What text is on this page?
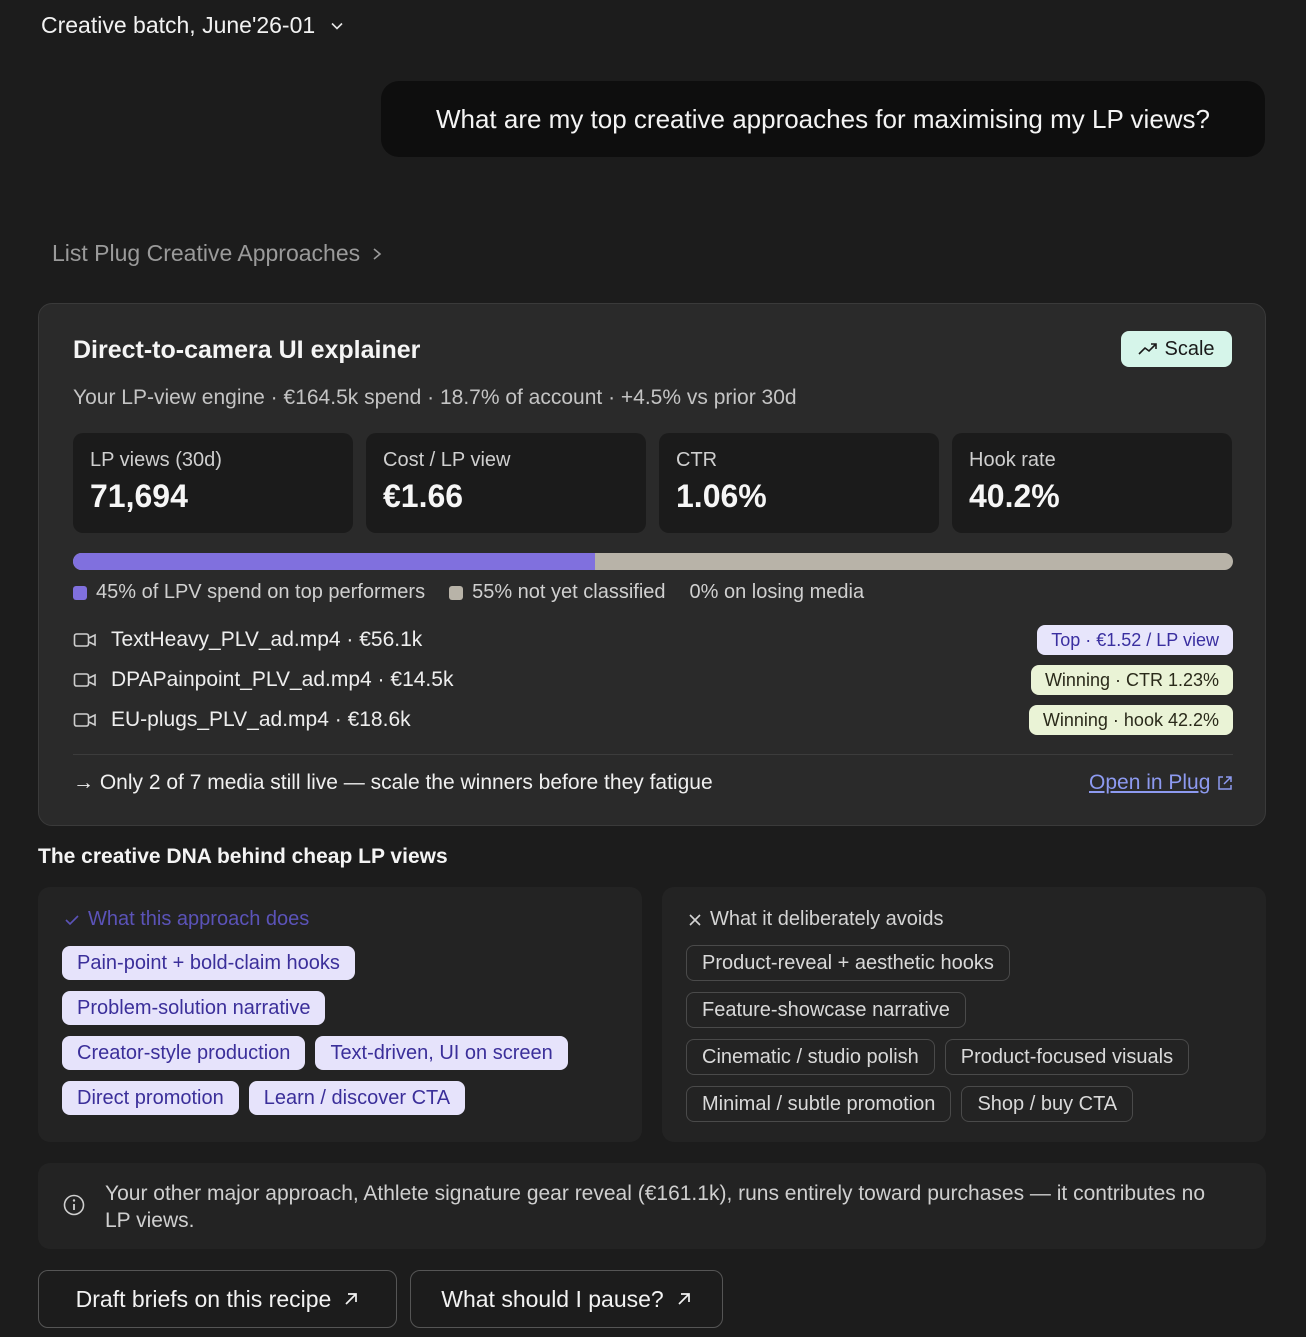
Creative batch, June'26-01
What are my top creative approaches for maximising my LP views?
List Plug Creative Approaches
Direct-to-camera UI explainer	Scale
Your LP-view engine · €164.5k spend · 18.7% of account · +4.5% vs prior 30d
LP views (30d)
71,694
Cost / LP view
€1.66
CTR
1.06%
Hook rate
40.2%
45% of LPV spend on top performers 55% not yet classified 0% on losing media
TextHeavy_PLV_ad.mp4 · €56.1k	Top · €1.52 / LP view
DPAPainpoint_PLV_ad.mp4 · €14.5k	Winning · CTR 1.23%
EU-plugs_PLV_ad.mp4 · €18.6k	Winning · hook 42.2%
→ Only 2 of 7 media still live — scale the winners before they fatigue	Open in Plug
The creative DNA behind cheap LP views
What this approach does
Pain-point + bold-claim hooks
Problem-solution narrative
Creator-style production	Text-driven, UI on screen
Direct promotion	Learn / discover CTA
What it deliberately avoids
Product-reveal + aesthetic hooks
Feature-showcase narrative
Cinematic / studio polish	Product-focused visuals
Minimal / subtle promotion	Shop / buy CTA
Your other major approach, Athlete signature gear reveal (€161.1k), runs entirely toward purchases — it contributes no LP views.
Draft briefs on this recipe	What should I pause?
